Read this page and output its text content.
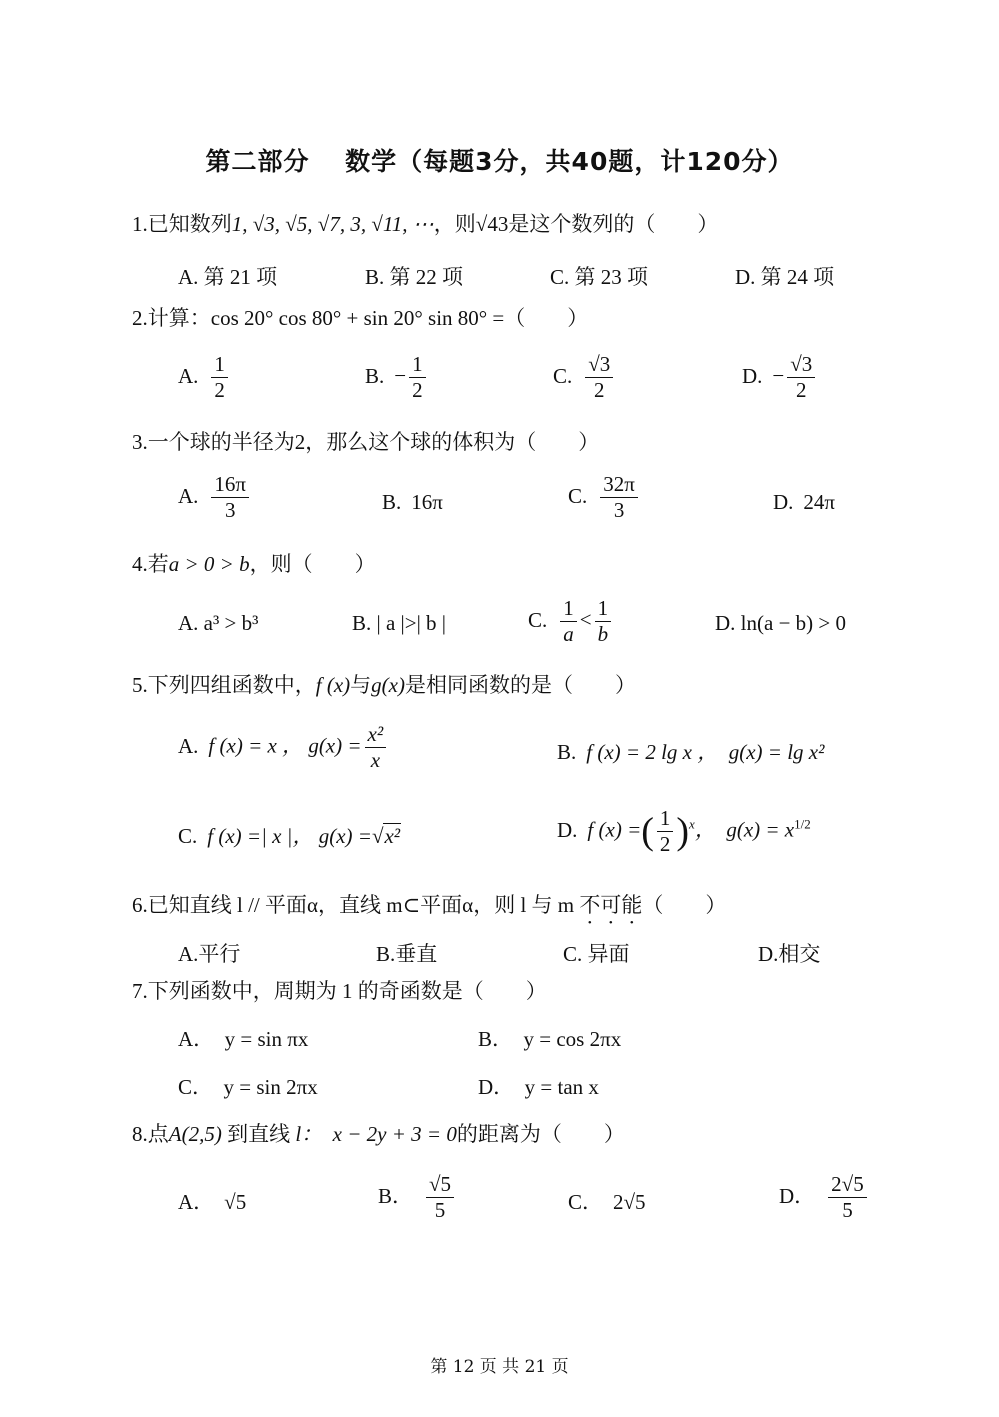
第二部分　 数学（每题3分，共40题，计120分）
1.已知数列1, √3, √5, √7, 3, √11, ⋯，则√43是这个数列的（　　）
A. 第 21 项	B. 第 22 项	C. 第 23 项	D. 第 24 项
2.计算：cos 20° cos 80° + sin 20° sin 80° =（　　）
A. $\frac{1}{2}$	B. − $\frac{1}{2}$	C. $\frac{√3}{2}$	D. − $\frac{√3}{2}$
3.一个球的半径为2，那么这个球的体积为（　　）
A. $\frac{16\pi}{3}$	B. 16π	C. $\frac{32\pi}{3}$	D. 24π
4.若a > 0 > b，则（　　）
A. a³ > b³	B. | a |>| b |	C. $\frac{1}{a} < \frac{1}{b}$	D. ln(a − b) > 0
5.下列四组函数中，f (x)与g(x)是相同函数的是（　　）
A. f (x) = x ， $g(x) = \frac{\text{x²}}{x}$	B. f (x) = 2 lg x ，　g(x) = lg x²
C. f (x) =| x |， g(x) =√x²	D. f (x) =( $\frac{1}{2} )^x$，　$g(x) = x^{1/2}$
6.已知直线 l // 平面α，直线 m⊂平面α，则 l 与 m 不可能（　　）
A.平行	B.垂直	C. 异面	D.相交
7.下列函数中，周期为 1 的奇函数是（　　）
A．　y = sin πx	B．　y = cos 2πx
C．　y = sin 2πx	D．　y = tan x
8.点A(2,5) 到直线 l：　x − 2y + 3 = 0的距离为（　　）
A． √5	B． $\frac{√5}{5}$	C． 2√5	D． $\frac{2√5}{5}$
第 12 页 共 21 页
